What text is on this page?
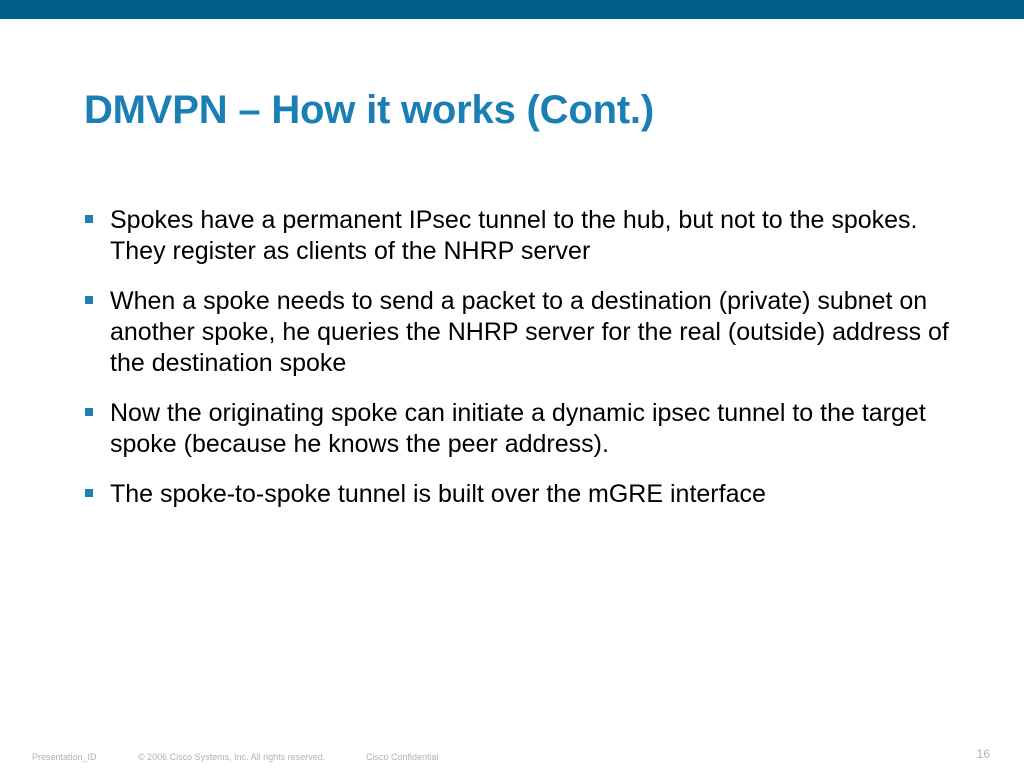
DMVPN – How it works (Cont.)
Spokes have a permanent IPsec tunnel to the hub, but not to the spokes. They register as clients of the NHRP server
When a spoke needs to send a packet to a destination (private) subnet on another spoke, he queries the NHRP server for the real (outside) address of the destination spoke
Now the originating spoke can initiate a dynamic ipsec tunnel to the target spoke (because he knows the peer address).
The spoke-to-spoke tunnel is built over the mGRE interface
Presentation_ID	© 2006 Cisco Systems, Inc. All rights reserved.	Cisco Confidential	16
